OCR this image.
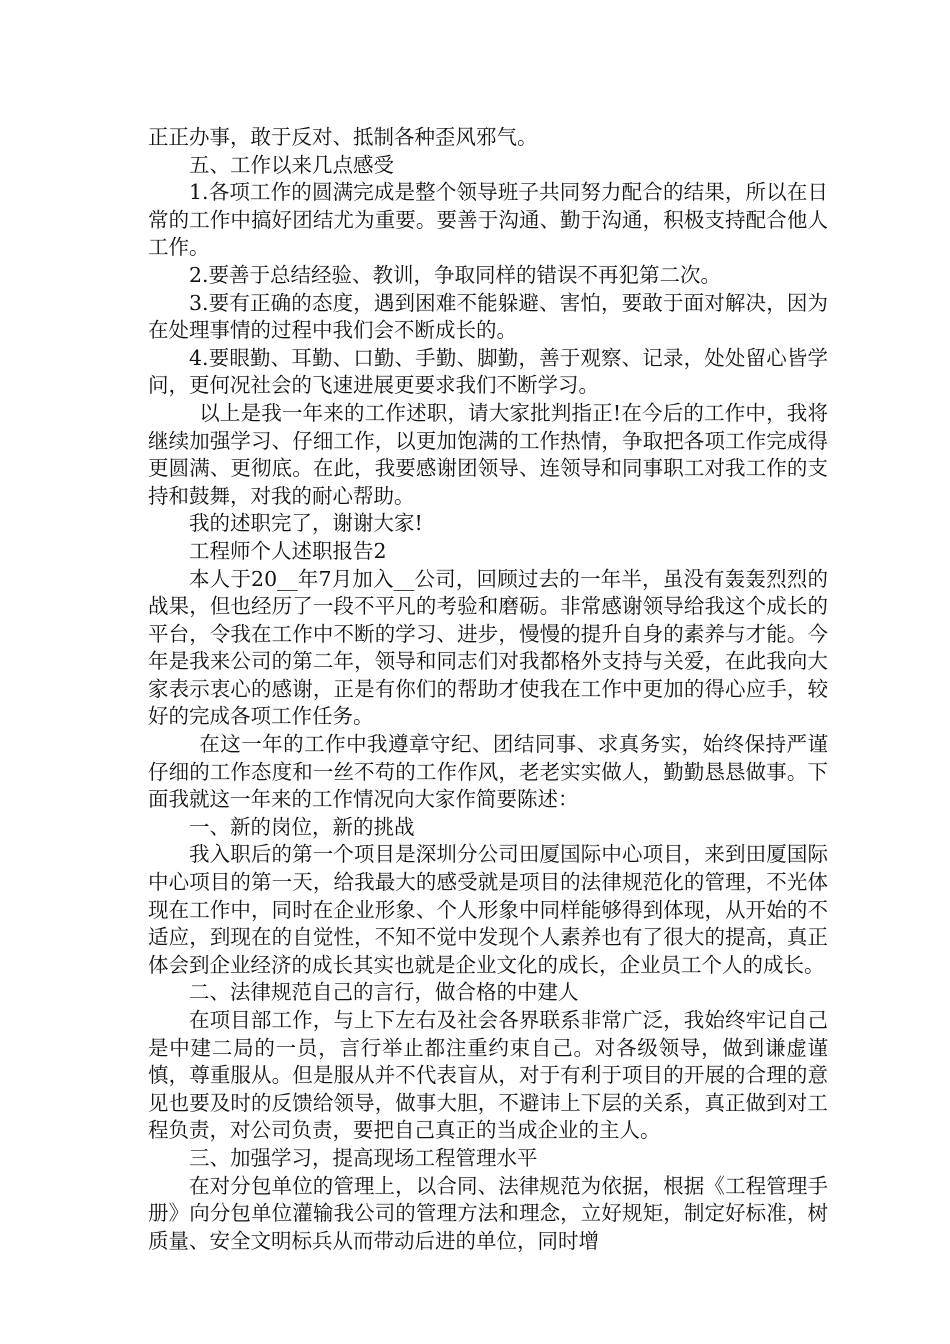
正正办事，敢于反对、抵制各种歪风邪气。

五、工作以来几点感受

1.各项工作的圆满完成是整个领导班子共同努力配合的结果，所以在日常的工作中搞好团结尤为重要。要善于沟通、勤于沟通，积极支持配合他人工作。

2.要善于总结经验、教训，争取同样的错误不再犯第二次。

3.要有正确的态度，遇到困难不能躲避、害怕，要敢于面对解决，因为在处理事情的过程中我们会不断成长的。

4.要眼勤、耳勤、口勤、手勤、脚勤，善于观察、记录，处处留心皆学问，更何况社会的飞速进展更要求我们不断学习。

以上是我一年来的工作述职，请大家批判指正!在今后的工作中，我将继续加强学习、仔细工作，以更加饱满的工作热情，争取把各项工作完成得更圆满、更彻底。在此，我要感谢团领导、连领导和同事职工对我工作的支持和鼓舞，对我的耐心帮助。

我的述职完了，谢谢大家!

工程师个人述职报告2

本人于20__年7月加入__公司，回顾过去的一年半，虽没有轰轰烈烈的战果，但也经历了一段不平凡的考验和磨砺。非常感谢领导给我这个成长的平台，令我在工作中不断的学习、进步，慢慢的提升自身的素养与才能。今年是我来公司的第二年，领导和同志们对我都格外支持与关爱，在此我向大家表示衷心的感谢，正是有你们的帮助才使我在工作中更加的得心应手，较好的完成各项工作任务。

在这一年的工作中我遵章守纪、团结同事、求真务实，始终保持严谨仔细的工作态度和一丝不苟的工作作风，老老实实做人，勤勤恳恳做事。下面我就这一年来的工作情况向大家作简要陈述：

一、新的岗位，新的挑战

我入职后的第一个项目是深圳分公司田厦国际中心项目，来到田厦国际中心项目的第一天，给我最大的感受就是项目的法律规范化的管理，不光体现在工作中，同时在企业形象、个人形象中同样能够得到体现，从开始的不适应，到现在的自觉性，不知不觉中发现个人素养也有了很大的提高，真正体会到企业经济的成长其实也就是企业文化的成长，企业员工个人的成长。

二、法律规范自己的言行，做合格的中建人

在项目部工作，与上下左右及社会各界联系非常广泛，我始终牢记自己是中建二局的一员，言行举止都注重约束自己。对各级领导，做到谦虚谨慎，尊重服从。但是服从并不代表盲从，对于有利于项目的开展的合理的意见也要及时的反馈给领导，做事大胆，不避讳上下层的关系，真正做到对工程负责，对公司负责，要把自己真正的当成企业的主人。

三、加强学习，提高现场工程管理水平

在对分包单位的管理上，以合同、法律规范为依据，根据《工程管理手册》向分包单位灌输我公司的管理方法和理念，立好规矩，制定好标准，树质量、安全文明标兵从而带动后进的单位，同时增
